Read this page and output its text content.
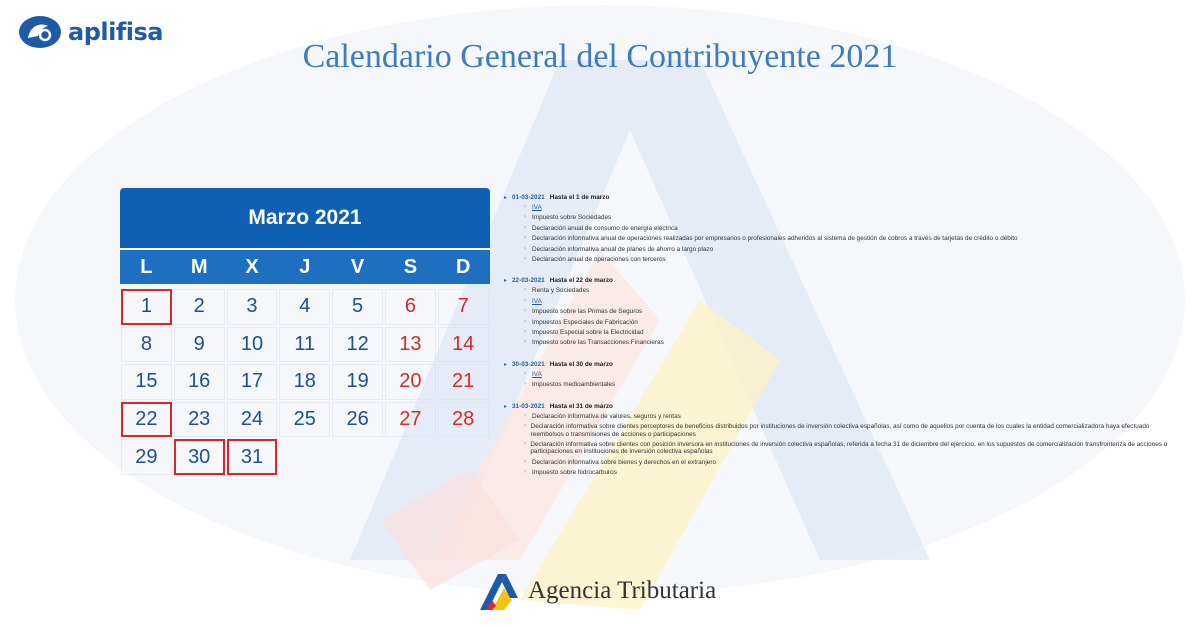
aplifisa
Calendario General del Contribuyente 2021
Marzo 2021
L	M	X	J	V	S	D
1	2	3	4	5	6	7
8	9	10	11	12	13	14
15	16	17	18	19	20	21
22	23	24	25	26	27	28
29	30	31
▸ 01-03-2021 Hasta el 1 de marzo
› IVA
› Impuesto sobre Sociedades
› Declaración anual de consumo de energía eléctrica
› Declaración informativa anual de operaciones realizadas por empresarios o profesionales adheridos al sistema de gestión de cobros a través de tarjetas de crédito o débito
› Declaración informativa anual de planes de ahorro a largo plazo
› Declaración anual de operaciones con terceros
▸ 22-03-2021 Hasta el 22 de marzo
› Renta y Sociedades
› IVA
› Impuesto sobre las Primas de Seguros
› Impuestos Especiales de Fabricación
› Impuesto Especial sobre la Electricidad
› Impuesto sobre las Transacciones Financieras
▸ 30-03-2021 Hasta el 30 de marzo
› IVA
› Impuestos medioambientales
▸ 31-03-2021 Hasta el 31 de marzo
› Declaración informativa de valores, seguros y rentas
› Declaración informativa sobre clientes perceptores de beneficios distribuidos por instituciones de inversión colectiva españolas, así como de aquellos por cuenta de los cuales la entidad comercializadora haya efectuado reembolsos o transmisiones de acciones o participaciones
› Declaración informativa sobre clientes con posición inversora en instituciones de inversión colectiva españolas, referida a fecha 31 de diciembre del ejercicio, en los supuestos de comercialización transfronteriza de acciones o participaciones en instituciones de inversión colectiva españolas
› Declaración informativa sobre bienes y derechos en el extranjero
› Impuesto sobre hidrocarburos
Agencia Tributaria
